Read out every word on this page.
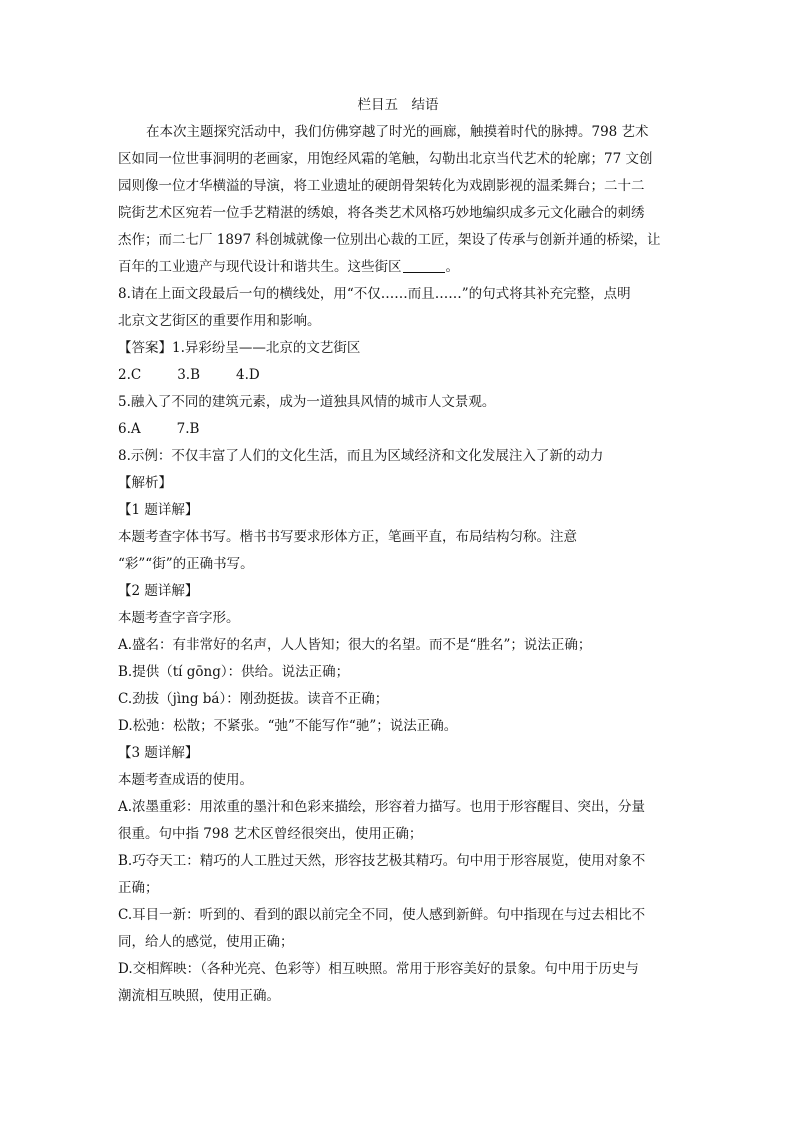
栏目五　结语
在本次主题探究活动中，我们仿佛穿越了时光的画廊，触摸着时代的脉搏。798 艺术
区如同一位世事洞明的老画家，用饱经风霜的笔触，勾勒出北京当代艺术的轮廓；77 文创
园则像一位才华横溢的导演，将工业遗址的硬朗骨架转化为戏剧影视的温柔舞台；二十二
院街艺术区宛若一位手艺精湛的绣娘，将各类艺术风格巧妙地编织成多元文化融合的刺绣
杰作；而二七厂 1897 科创城就像一位别出心裁的工匠，架设了传承与创新并通的桥梁，让
百年的工业遗产与现代设计和谐共生。这些街区	。
8.请在上面文段最后一句的横线处，用“不仅……而且……”的句式将其补充完整，点明
北京文艺街区的重要作用和影响。
【答案】1.异彩纷呈——北京的文艺街区
2.C	3.B	4.D
5.融入了不同的建筑元素，成为一道独具风情的城市人文景观。
6.A	7.B
8.示例：不仅丰富了人们的文化生活，而且为区域经济和文化发展注入了新的动力
【解析】
【1 题详解】
本题考查字体书写。楷书书写要求形体方正，笔画平直，布局结构匀称。注意
“彩”“街”的正确书写。
【2 题详解】
本题考查字音字形。
A.盛名：有非常好的名声，人人皆知；很大的名望。而不是“胜名”；说法正确；
B.提供（tí gōng）：供给。说法正确；
C.劲拔（jìng bá）：刚劲挺拔。读音不正确；
D.松弛：松散；不紧张。“弛”不能写作“驰”；说法正确。
【3 题详解】
本题考查成语的使用。
A.浓墨重彩：用浓重的墨汁和色彩来描绘，形容着力描写。也用于形容醒目、突出，分量
很重。句中指 798 艺术区曾经很突出，使用正确；
B.巧夺天工：精巧的人工胜过天然，形容技艺极其精巧。句中用于形容展览，使用对象不
正确；
C.耳目一新：听到的、看到的跟以前完全不同，使人感到新鲜。句中指现在与过去相比不
同，给人的感觉，使用正确；
D.交相辉映：（各种光亮、色彩等）相互映照。常用于形容美好的景象。句中用于历史与
潮流相互映照，使用正确。
